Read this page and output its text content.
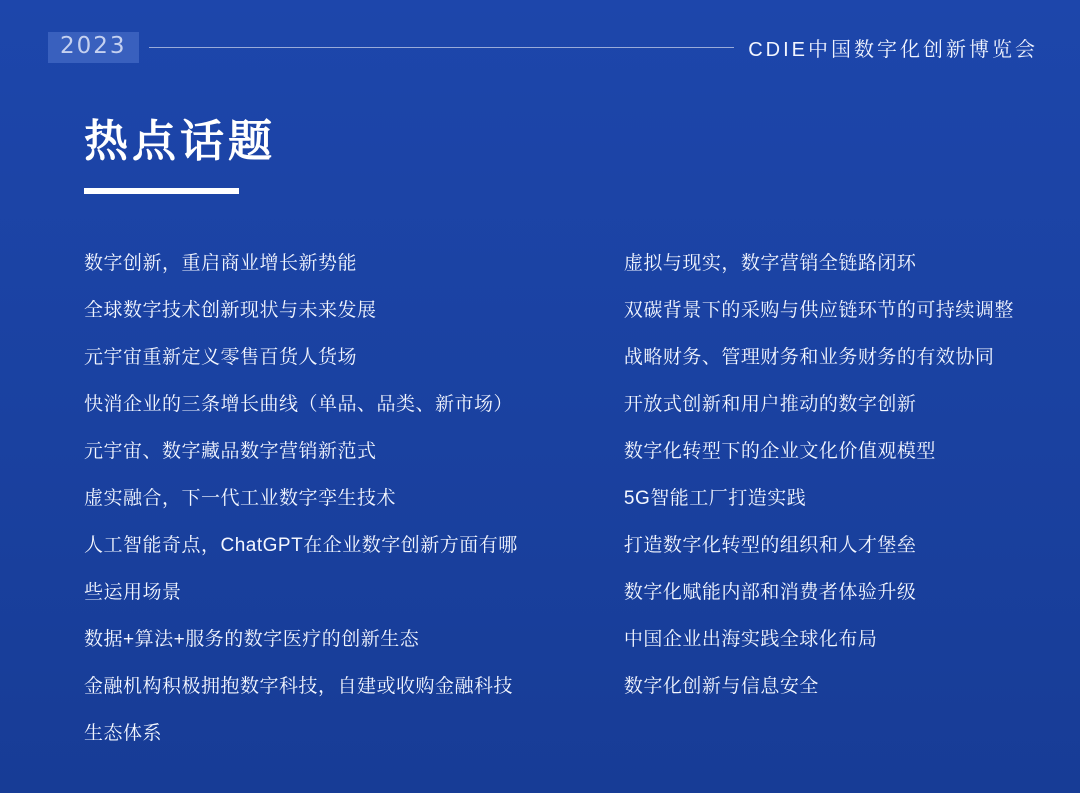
2023	CDIE中国数字化创新博览会
热点话题
数字创新，重启商业增长新势能
全球数字技术创新现状与未来发展
元宇宙重新定义零售百货人货场
快消企业的三条增长曲线（单品、品类、新市场）
元宇宙、数字藏品数字营销新范式
虚实融合，下一代工业数字孪生技术
人工智能奇点，ChatGPT在企业数字创新方面有哪
些运用场景
数据+算法+服务的数字医疗的创新生态
金融机构积极拥抱数字科技，自建或收购金融科技
生态体系
虚拟与现实，数字营销全链路闭环
双碳背景下的采购与供应链环节的可持续调整
战略财务、管理财务和业务财务的有效协同
开放式创新和用户推动的数字创新
数字化转型下的企业文化价值观模型
5G智能工厂打造实践
打造数字化转型的组织和人才堡垒
数字化赋能内部和消费者体验升级
中国企业出海实践全球化布局
数字化创新与信息安全
